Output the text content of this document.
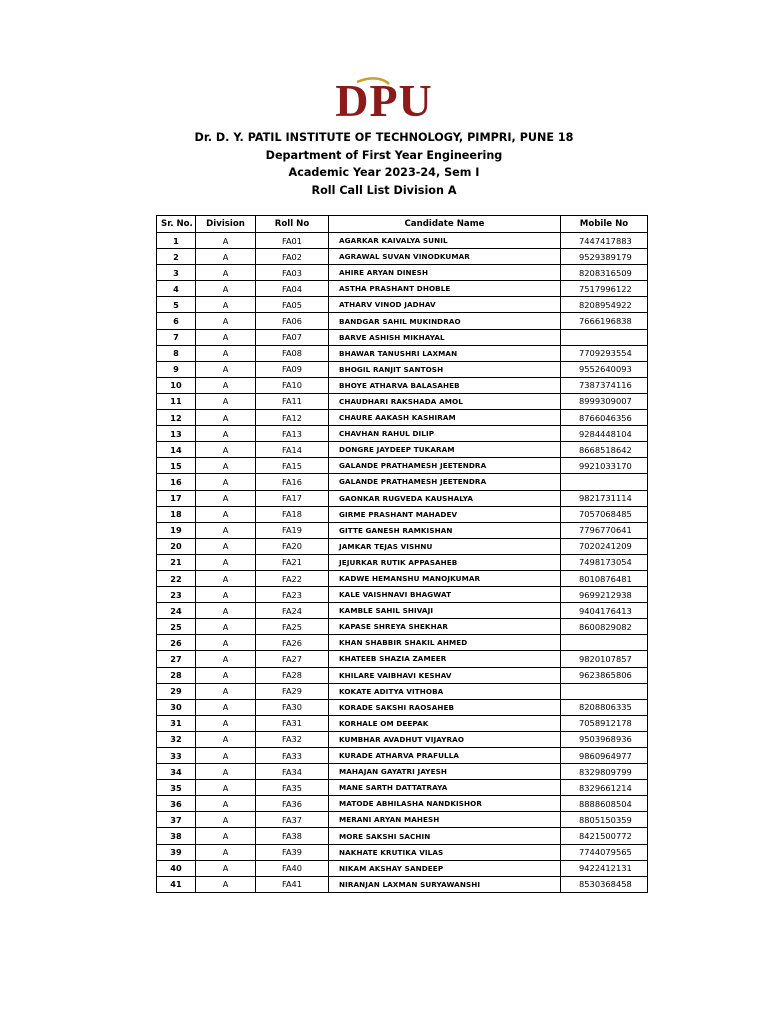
DPU
Dr. D. Y. PATIL INSTITUTE OF TECHNOLOGY, PIMPRI, PUNE 18
Department of First Year Engineering
Academic Year 2023-24, Sem I
Roll Call List Division A
Sr. No.	Division	Roll No	Candidate Name	Mobile No
1	A	FA01	AGARKAR KAIVALYA SUNIL	7447417883
2	A	FA02	AGRAWAL SUVAN VINODKUMAR	9529389179
3	A	FA03	AHIRE ARYAN DINESH	8208316509
4	A	FA04	ASTHA PRASHANT DHOBLE	7517996122
5	A	FA05	ATHARV VINOD JADHAV	8208954922
6	A	FA06	BANDGAR SAHIL MUKINDRAO	7666196838
7	A	FA07	BARVE ASHISH MIKHAYAL	
8	A	FA08	BHAWAR TANUSHRI LAXMAN	7709293554
9	A	FA09	BHOGIL RANJIT SANTOSH	9552640093
10	A	FA10	BHOYE ATHARVA BALASAHEB	7387374116
11	A	FA11	CHAUDHARI RAKSHADA AMOL	8999309007
12	A	FA12	CHAURE AAKASH KASHIRAM	8766046356
13	A	FA13	CHAVHAN RAHUL DILIP	9284448104
14	A	FA14	DONGRE JAYDEEP TUKARAM	8668518642
15	A	FA15	GALANDE PRATHAMESH JEETENDRA	9921033170
16	A	FA16	GALANDE PRATHAMESH JEETENDRA	
17	A	FA17	GAONKAR RUGVEDA KAUSHALYA	9821731114
18	A	FA18	GIRME PRASHANT MAHADEV	7057068485
19	A	FA19	GITTE GANESH RAMKISHAN	7796770641
20	A	FA20	JAMKAR TEJAS VISHNU	7020241209
21	A	FA21	JEJURKAR RUTIK APPASAHEB	7498173054
22	A	FA22	KADWE HEMANSHU MANOJKUMAR	8010876481
23	A	FA23	KALE VAISHNAVI BHAGWAT	9699212938
24	A	FA24	KAMBLE SAHIL SHIVAJI	9404176413
25	A	FA25	KAPASE SHREYA SHEKHAR	8600829082
26	A	FA26	KHAN SHABBIR SHAKIL AHMED	
27	A	FA27	KHATEEB SHAZIA ZAMEER	9820107857
28	A	FA28	KHILARE VAIBHAVI KESHAV	9623865806
29	A	FA29	KOKATE ADITYA VITHOBA	
30	A	FA30	KORADE SAKSHI RAOSAHEB	8208806335
31	A	FA31	KORHALE OM DEEPAK	7058912178
32	A	FA32	KUMBHAR AVADHUT VIJAYRAO	9503968936
33	A	FA33	KURADE ATHARVA PRAFULLA	9860964977
34	A	FA34	MAHAJAN GAYATRI JAYESH	8329809799
35	A	FA35	MANE SARTH DATTATRAYA	8329661214
36	A	FA36	MATODE ABHILASHA NANDKISHOR	8888608504
37	A	FA37	MERANI ARYAN MAHESH	8805150359
38	A	FA38	MORE SAKSHI SACHIN	8421500772
39	A	FA39	NAKHATE KRUTIKA VILAS	7744079565
40	A	FA40	NIKAM AKSHAY SANDEEP	9422412131
41	A	FA41	NIRANJAN LAXMAN SURYAWANSHI	8530368458
